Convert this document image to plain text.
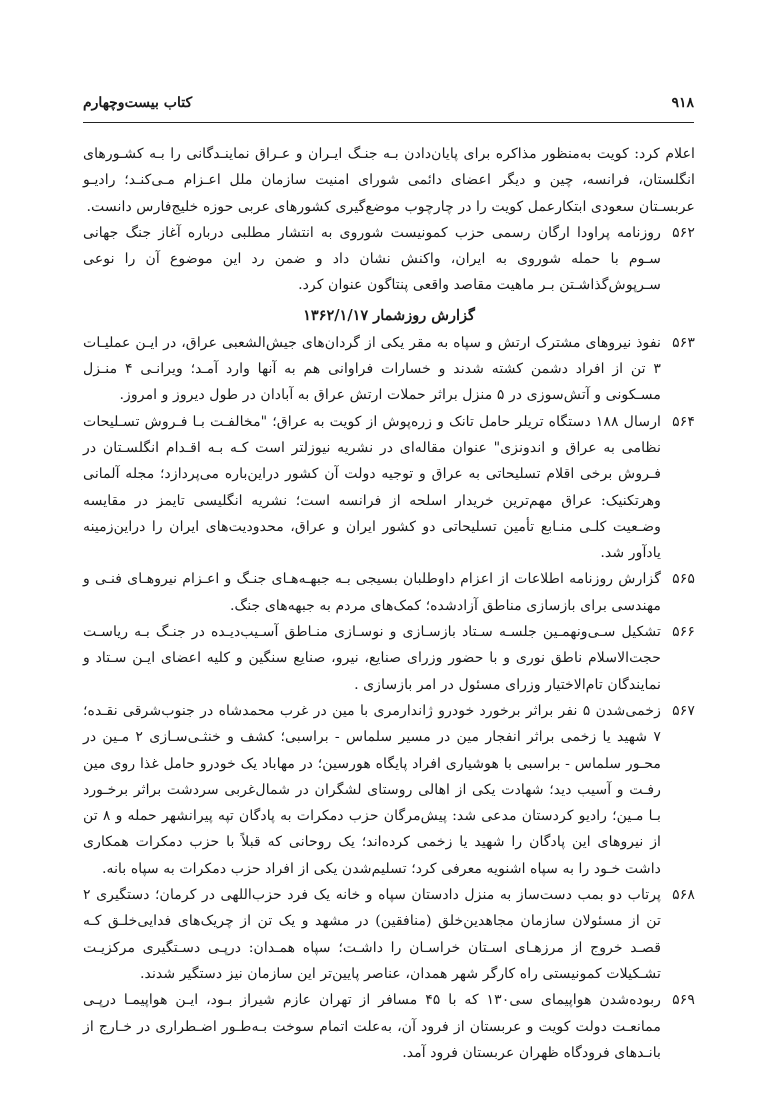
۹۱۸
کتاب بیست‌وچهارم

اعلام کرد: کویت به‌منظور مذاکره برای پایان‌دادن بـه جنـگ ایـران و عـراق نماینـدگانی را بـه کشـورهای انگلستان، فرانسه، چین و دیگر اعضای دائمی شورای امنیت سازمان ملل اعـزام مـی‌کنـد؛ رادیـو عربسـتان سعودی ابتکارعمل کویت را در چارچوب موضع‌گیری کشورهای عربی حوزه خلیج‌فارس دانست.

۵۶۲
روزنامه پراودا ارگان رسمی حزب کمونیست شوروی به انتشار مطلبی درباره آغاز جنگ جهانی سـوم با حمله شوروی به ایران، واکنش نشان داد و ضمن رد این موضوع آن را نوعی سـرپوش‌گذاشـتن بـر ماهیت مقاصد واقعی پنتاگون عنوان کرد.
گزارش روزشمار ۱۳۶۲/۱/۱۷
۵۶۳
نفوذ نیروهای مشترک ارتش و سپاه به مقر یکی از گردان‌های جیش‌الشعبی عراق، در ایـن عملیـات ۳ تن از افراد دشمن کشته شدند و خسارات فراوانی هم به آنها وارد آمـد؛ ویرانـی ۴ منـزل مسـکونی و آتش‌سوزی در ۵ منزل براثر حملات ارتش عراق به آبادان در طول دیروز و امروز.
۵۶۴
ارسال ۱۸۸ دستگاه تریلر حامل تانک و زره‌پوش از کویت به عراق؛ "مخالفـت بـا فـروش تسـلیحات نظامی به عراق و اندونزی" عنوان مقاله‌ای در نشریه نیوزلتر است کـه بـه اقـدام انگلسـتان در فـروش برخی اقلام تسلیحاتی به عراق و توجیه دولت آن کشور دراین‌باره می‌پردازد؛ مجله آلمانی وهرتکنیک: عراق مهم‌ترین خریدار اسلحه از فرانسه است؛ نشریه انگلیسی تایمز در مقایسه وضـعیت کلـی منـابع تأمین تسلیحاتی دو کشور ایران و عراق، محدودیت‌های ایران را دراین‌زمینه یادآور شد.
۵۶۵
گزارش روزنامه اطلاعات از اعزام داوطلبان بسیجی بـه جبهـه‌هـای جنـگ و اعـزام نیروهـای فنـی و مهندسی برای بازسازی مناطق آزادشده؛ کمک‌های مردم به جبهه‌های جنگ.
۵۶۶
تشکیل سـی‌ونهمـین جلسـه سـتاد بازسـازی و نوسـازی منـاطق آسـیب‌دیـده در جنـگ بـه ریاسـت حجت‌الاسلام ناطق نوری و با حضور وزرای صنایع، نیرو، صنایع سنگین و کلیه اعضای ایـن سـتاد و نمایندگان تام‌الاختیار وزرای مسئول در امر بازسازی .
۵۶۷
زخمی‌شدن ۵ نفر براثر برخورد خودرو ژاندارمری با مین در غرب محمدشاه در جنوب‌شرقی نقـده؛ ۷ شهید یا زخمی براثر انفجار مین در مسیر سلماس - براسبی؛ کشف و خنثـی‌سـازی ۲ مـین در محـور سلماس - براسبی با هوشیاری افراد پایگاه هورسین؛ در مهاباد یک خودرو حامل غذا روی مین رفـت و آسیب دید؛ شهادت یکی از اهالی روستای لشگران در شمال‌غربی سردشت براثر برخـورد بـا مـین؛ رادیو کردستان مدعی شد: پیش‌مرگان حزب دمکرات به پادگان تپه پیرانشهر حمله و ۸ تن از نیروهای این پادگان را شهید یا زخمی کرده‌اند؛ یک روحانی که قبلاً با حزب دمکرات همکاری داشت خـود را به سپاه اشنویه معرفی کرد؛ تسلیم‌شدن یکی از افراد حزب دمکرات به سپاه بانه.
۵۶۸
پرتاب دو بمب دست‌ساز به منزل دادستان سپاه و خانه یک فرد حزب‌اللهی در کرمان؛ دستگیری ۲ تن از مسئولان سازمان مجاهدین‌خلق (منافقین) در مشهد و یک تن از چریک‌های فدایی‌خلـق کـه قصـد خروج از مرزهـای اسـتان خراسـان را داشـت؛ سپاه همـدان: درپـی دسـتگیری مرکزیـت تشـکیلات کمونیستی راه کارگر شهر همدان، عناصر پایین‌تر این سازمان نیز دستگیر شدند.
۵۶۹
ربوده‌شدن هواپیمای سی۱۳۰ که با ۴۵ مسافر از تهران عازم شیراز بـود، ایـن هواپیمـا درپـی ممانعـت دولت کویت و عربستان از فرود آن، به‌علت اتمام سوخت بـه‌طـور اضـطراری در خـارج از بانـدهای فرودگاه ظهران عربستان فرود آمد.
